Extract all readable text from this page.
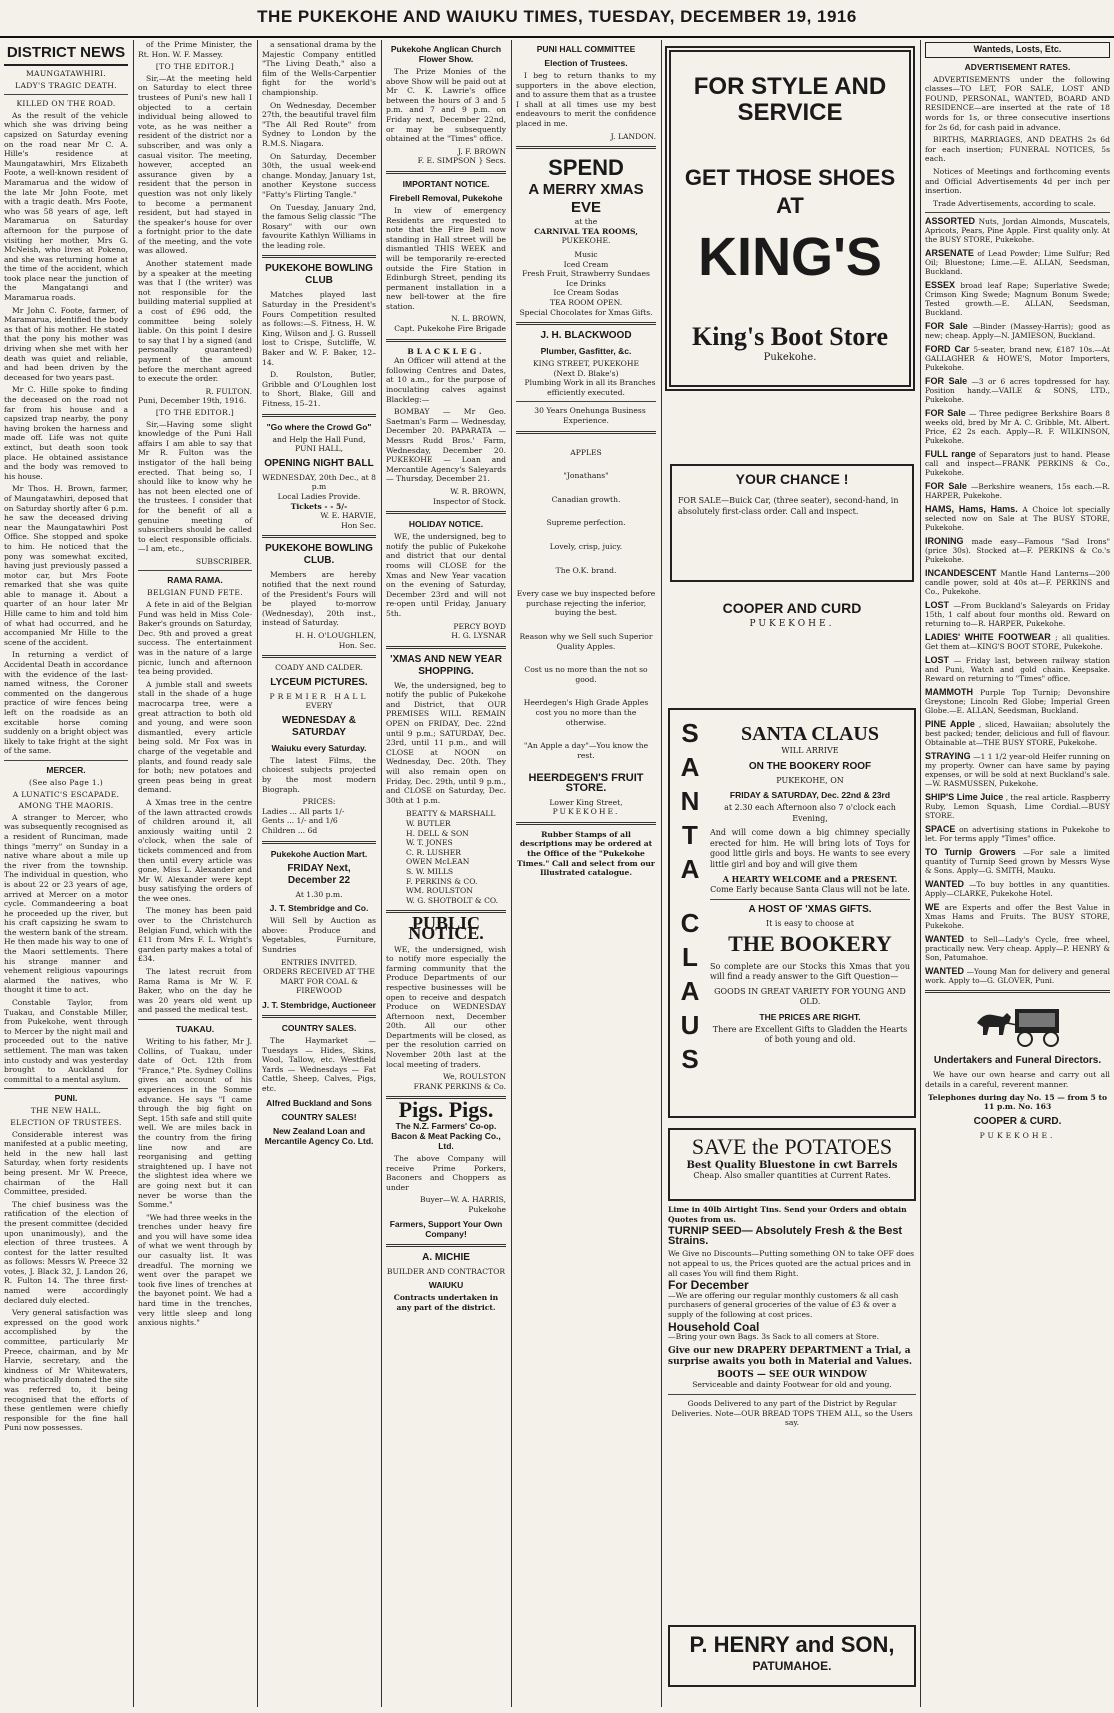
THE PUKEKOHE AND WAIUKU TIMES, TUESDAY, DECEMBER 19, 1916
DISTRICT NEWS
MAUNGATAWHIRI.
LADY'S TRAGIC DEATH.
KILLED ON THE ROAD.

As the result of the vehicle which she was driving being capsized on Saturday evening on the road near Mr C. A. Hille's residence at Maungatawhiri, Mrs Elizabeth Foote, a well-known resident of Maramarua and the widow of the late Mr John Foote, met with a tragic death. Mrs Foote, who was 58 years of age, left Maramarua on Saturday afternoon for the purpose of visiting her mother, Mrs G. McNeish, who lives at Pokeno, and she was returning home at the time of the accident, which took place near the junction of the Mangatangi and Maramarua roads.

Mr John C. Foote, farmer, of Maramarua, identified the body as that of his mother. He stated that the pony his mother was driving when she met with her death was quiet and reliable, and had been driven by the deceased for two years past.

Mr C. Hille spoke to finding the deceased on the road not far from his house and a capsized trap nearby, the pony having broken the harness and made off. Life was not quite extinct, but death soon took place. He obtained assistance and the body was removed to his house.

Mr Thos. H. Brown, farmer, of Maungatawhiri, deposed that on Saturday shortly after 6 p.m. he saw the deceased driving near the Maungatawhiri Post Office. She stopped and spoke to him. He noticed that the pony was somewhat excited, having just previously passed a motor car, but Mrs Foote remarked that she was quite able to manage it. About a quarter of an hour later Mr Hille came to him and told him of what had occurred, and he accompanied Mr Hille to the scene of the accident.

In returning a verdict of Accidental Death in accordance with the evidence of the last-named witness, the Coroner commented on the dangerous practice of wire fences being left on the roadside as an excitable horse coming suddenly on a bright object was likely to take fright at the sight of the same.

MERCER.
(See also Page 1.)
A LUNATIC'S ESCAPADE.
AMONG THE MAORIS.

A stranger to Mercer, who was subsequently recognised as a resident of Runciman, made things "merry" on Sunday in a native whare about a mile up the river from the township. The individual in question, who is about 22 or 23 years of age, arrived at Mercer on a motor cycle. Commandeering a boat he proceeded up the river, but his craft capsizing he swam to the western bank of the stream. He then made his way to one of the Maori settlements. There his strange manner and vehement religious vapourings alarmed the natives, who thought it time to act.

Constable Taylor, from Tuakau, and Constable Miller, from Pukekohe, went through to Mercer by the night mail and proceeded out to the native settlement. The man was taken into custody and was yesterday brought to Auckland for committal to a mental asylum.

PUNI.
THE NEW HALL.
ELECTION OF TRUSTEES.

Considerable interest was manifested at a public meeting, held in the new hall last Saturday, when forty residents being present. Mr W. Preece, chairman of the Hall Committee, presided.

The chief business was the ratification of the election of the present committee (decided upon unanimously), and the election of three trustees. A contest for the latter resulted as follows: Messrs W. Preece 32 votes, J. Black 32, J. Landon 26, R. Fulton 14. The three first-named were accordingly declared duly elected.

Very general satisfaction was expressed on the good work accomplished by the committee, particularly Mr Preece, chairman, and by Mr Harvie, secretary, and the kindness of Mr Whitewaters, who practically donated the site was referred to, it being recognised that the efforts of these gentlemen were chiefly responsible for the fine hall Puni now possesses.

of the Prime Minister, the Rt. Hon. W. F. Massey.

[TO THE EDITOR.]

Sir,—At the meeting held on Saturday to elect three trustees of Puni's new hall I objected to a certain individual being allowed to vote, as he was neither a resident of the district nor a subscriber, and was only a casual visitor. The meeting, however, accepted an assurance given by a resident that the person in question was not only likely to become a permanent resident, but had stayed in the speaker's house for over a fortnight prior to the date of the meeting, and the vote was allowed.

Another statement made by a speaker at the meeting was that I (the writer) was not responsible for the building material supplied at a cost of £96 odd, the committee being solely liable. On this point I desire to say that I by a signed (and personally guaranteed) payment of the amount before the merchant agreed to execute the order.

R. FULTON.
Puni, December 19th, 1916.
[TO THE EDITOR.]

Sir,—Having some slight knowledge of the Puni Hall affairs I am able to say that Mr R. Fulton was the instigator of the hall being erected. That being so, I should like to know why he has not been elected one of the trustees. I consider that for the benefit of all a genuine meeting of subscribers should be called to elect responsible officials.—I am, etc.,

SUBSCRIBER.
RAMA RAMA.
BELGIAN FUND FETE.

A fete in aid of the Belgian Fund was held in Miss Cole-Baker's grounds on Saturday, Dec. 9th and proved a great success. The entertainment was in the nature of a large picnic, lunch and afternoon tea being provided.

A jumble stall and sweets stall in the shade of a huge macrocarpa tree, were a great attraction to both old and young, and were soon dismantled, every article being sold. Mr Fox was in charge of the vegetable and plants, and found ready sale for both; new potatoes and green peas being in great demand.

A Xmas tree in the centre of the lawn attracted crowds of children around it, all anxiously waiting until 2 o'clock, when the sale of tickets commenced and from then until every article was gone, Miss L. Alexander and Mr W. Alexander were kept busy satisfying the orders of the wee ones.

The money has been paid over to the Christchurch Belgian Fund, which with the £11 from Mrs F. L. Wright's garden party makes a total of £34.

The latest recruit from Rama Rama is Mr W. F. Baker, who on the day he was 20 years old went up and passed the medical test.

TUAKAU.

Writing to his father, Mr J. Collins, of Tuakau, under date of Oct. 12th from "France," Pte. Sydney Collins gives an account of his experiences in the Somme advance. He says "I came through the big fight on Sept. 15th safe and still quite well. We are miles back in the country from the firing line now and are reorganising and getting straightened up. I have not the slightest idea where we are going next but it can never be worse than the Somme."

"We had three weeks in the trenches under heavy fire and you will have some idea of what we went through by our casualty list. It was dreadful. The morning we went over the parapet we took five lines of trenches at the bayonet point. We had a hard time in the trenches, very little sleep and long anxious nights."

a sensational drama by the Majestic Company entitled "The Living Death," also a film of the Wells-Carpentier fight for the world's championship.

On Wednesday, December 27th, the beautiful travel film "The All Red Route" from Sydney to London by the R.M.S. Niagara.

On Saturday, December 30th, the usual week-end change. Monday, January 1st, another Keystone success "Fatty's Flirting Tangle."

On Tuesday, January 2nd, the famous Selig classic "The Rosary" with our own favourite Kathlyn Williams in the leading role.

PUKEKOHE BOWLING CLUB

Matches played last Saturday in the President's Fours Competition resulted as follows:—S. Fitness, H. W. King, Wilson and J. G. Russell lost to Crispe, Sutcliffe, W. Baker and W. F. Baker, 12–14.

D. Roulston, Butler, Gribble and O'Loughlen lost to Short, Blake, Gill and Fitness, 15–21.

"Go where the Crowd Go"
and Help the Hall Fund,
PUNI HALL,
OPENING NIGHT BALL
WEDNESDAY, 20th Dec., at 8 p.m
Local Ladies Provide.
Tickets - - 5/-
W. E. HARVIE,
Hon Sec.
PUKEKOHE BOWLING CLUB.

Members are hereby notified that the next round of the President's Fours will be played to-morrow (Wednesday), 20th inst., instead of Saturday.

H. H. O'LOUGHLEN,
Hon. Sec.
COADY AND CALDER.
LYCEUM PICTURES.
PREMIER HALL
EVERY
WEDNESDAY & SATURDAY
Waiuku every Saturday.

The latest Films, the choicest subjects projected by the most modern Biograph.

PRICES:
Ladies ... All parts 1/-
Gents ... 1/- and 1/6
Children ... 6d
Pukekohe Auction Mart.
FRIDAY Next, December 22
At 1.30 p.m.
J. T. Stembridge and Co.

Will Sell by Auction as above: Produce and Vegetables, Furniture, Sundries

ENTRIES INVITED.
ORDERS RECEIVED AT THE MART FOR COAL & FIREWOOD
J. T. Stembridge, Auctioneer
COUNTRY SALES.

The Haymarket — Tuesdays — Hides, Skins, Wool, Tallow, etc. Westfield Yards — Wednesdays — Fat Cattle, Sheep, Calves, Pigs, etc.

Alfred Buckland and Sons
COUNTRY SALES!
New Zealand Loan and Mercantile Agency Co. Ltd.
Pukekohe Anglican Church Flower Show.

The Prize Monies of the above Show will be paid out at Mr C. K. Lawrie's office between the hours of 3 and 5 p.m. and 7 and 9 p.m. on Friday next, December 22nd, or may be subsequently obtained at the "Times" office.

J. F. BROWN
F. E. SIMPSON } Secs.
IMPORTANT NOTICE.
Firebell Removal, Pukekohe

In view of emergency Residents are requested to note that the Fire Bell now standing in Hall street will be dismantled THIS WEEK and will be temporarily re-erected outside the Fire Station in Edinburgh Street, pending its permanent installation in a new bell-tower at the fire station.

N. L. BROWN,
Capt. Pukekohe Fire Brigade
BLACKLEG.

An Officer will attend at the following Centres and Dates, at 10 a.m., for the purpose of inoculating calves against Blackleg:—

BOMBAY — Mr Geo. Saetman's Farm — Wednesday, December 20. PAPARATA — Messrs Rudd Bros.' Farm, Wednesday, December 20. PUKEKOHE — Loan and Mercantile Agency's Saleyards — Thursday, December 21.

W. R. BROWN,
Inspector of Stock.
HOLIDAY NOTICE.

WE, the undersigned, beg to notify the public of Pukekohe and district that our dental rooms will CLOSE for the Xmas and New Year vacation on the evening of Saturday, December 23rd and will not re-open until Friday, January 5th.

PERCY BOYD
H. G. LYSNAR
'XMAS AND NEW YEAR SHOPPING.

We, the undersigned, beg to notify the public of Pukekohe and District, that OUR PREMISES WILL REMAIN OPEN on FRIDAY, Dec. 22nd until 9 p.m.; SATURDAY, Dec. 23rd, until 11 p.m., and will CLOSE at NOON on Wednesday, Dec. 20th. They will also remain open on Friday, Dec. 29th, until 9 p.m., and CLOSE on Saturday, Dec. 30th at 1 p.m.

BEATTY & MARSHALL
W. BUTLER
H. DELL & SON
W. T. JONES
C. R. LUSHER
OWEN McLEAN
S. W. MILLS
F. PERKINS & CO.
WM. ROULSTON
W. G. SHOTBOLT & CO.
PUBLIC NOTICE.

WE, the undersigned, wish to notify more especially the farming community that the Produce Departments of our respective businesses will be open to receive and despatch Produce on WEDNESDAY Afternoon next, December 20th. All our other Departments will be closed, as per the resolution carried on November 20th last at the local meeting of traders.

We, ROULSTON
FRANK PERKINS & Co.
Pigs. Pigs.
The N.Z. Farmers' Co-op. Bacon & Meat Packing Co., Ltd.

The above Company will receive Prime Porkers, Baconers and Choppers as under

Buyer—W. A. HARRIS,
Pukekohe
Farmers, Support Your Own Company!
A. MICHIE
BUILDER AND CONTRACTOR
WAIUKU
Contracts undertaken in any part of the district.
PUNI HALL COMMITTEE
Election of Trustees.

I beg to return thanks to my supporters in the above election, and to assure them that as a trustee I shall at all times use my best endeavours to merit the confidence placed in me.

J. LANDON.
SPEND
A MERRY XMAS EVE
at the
CARNIVAL TEA ROOMS,
PUKEKOHE.
Music
Iced Cream
Fresh Fruit, Strawberry Sundaes
Ice Drinks
Ice Cream Sodas
TEA ROOM OPEN.
Special Chocolates for Xmas Gifts.
J. H. BLACKWOOD
Plumber, Gasfitter, &c.
KING STREET, PUKEKOHE
(Next D. Blake's)

Plumbing Work in all its Branches efficiently executed.

30 Years Onehunga Business Experience.

APPLES
"Jonathans"
Canadian growth.
Supreme perfection.
Lovely, crisp, juicy.
The O.K. brand.
Every case we buy inspected before purchase rejecting the inferior, buying the best.
Reason why we Sell such Superior Quality Apples.
Cost us no more than the not so good.
Heerdegen's High Grade Apples cost you no more than the otherwise.
"An Apple a day"—You know the rest.
HEERDEGEN'S FRUIT STORE.
Lower King Street,
PUKEKOHE.
Rubber Stamps of all descriptions may be ordered at the Office of the "Pukekohe Times." Call and select from our Illustrated catalogue.
FOR STYLE AND SERVICE
GET THOSE SHOES AT
KING'S
King's Boot Store
Pukekohe.
YOUR CHANCE !
FOR SALE—Buick Car, (three seater), second-hand, in absolutely first-class order. Call and inspect.
COOPER AND CURD
PUKEKOHE.
S
A
N
T
A
C
L
A
U
S
SANTA CLAUS
WILL ARRIVE
ON THE BOOKERY ROOF
PUKEKOHE, ON
FRIDAY & SATURDAY, Dec. 22nd & 23rd
at 2.30 each Afternoon also 7 o'clock each Evening,
And will come down a big chimney specially erected for him. He will bring lots of Toys for good little girls and boys. He wants to see every little girl and boy and will give them
A HEARTY WELCOME and a PRESENT.
Come Early because Santa Claus will not be late.
A HOST OF 'XMAS GIFTS.
It is easy to choose at
THE BOOKERY
So complete are our Stocks this Xmas that you will find a ready answer to the Gift Question—
GOODS IN GREAT VARIETY FOR YOUNG AND OLD.
THE PRICES ARE RIGHT.
There are Excellent Gifts to Gladden the Hearts of both young and old.
SAVE the POTATOES
Best Quality Bluestone in cwt Barrels
Cheap. Also smaller quantities at Current Rates.
Lime in 40lb Airtight Tins. Send your Orders and obtain Quotes from us.
TURNIP SEED— Absolutely Fresh & the Best Strains.
We Give no Discounts—Putting something ON to take OFF does not appeal to us, the Prices quoted are the actual prices and in all cases You will find them Right.
For December
—We are offering our regular monthly customers & all cash purchasers of general groceries of the value of £3 & over a supply of the following at cost prices.
Household Coal
—Bring your own Bags. 3s Sack to all comers at Store.
Give our new DRAPERY DEPARTMENT a Trial, a surprise awaits you both in Material and Values.
BOOTS — SEE OUR WINDOW
Serviceable and dainty Footwear for old and young.
Goods Delivered to any part of the District by Regular Deliveries. Note—OUR BREAD TOPS THEM ALL, so the Users say.
P. HENRY and SON,
PATUMAHOE.
Wanteds, Losts, Etc.
ADVERTISEMENT RATES.

ADVERTISEMENTS under the following classes—TO LET, FOR SALE, LOST AND FOUND, PERSONAL, WANTED, BOARD AND RESIDENCE—are inserted at the rate of 18 words for 1s, or three consecutive insertions for 2s 6d, for cash paid in advance.

BIRTHS, MARRIAGES, AND DEATHS 2s 6d for each insertion; FUNERAL NOTICES, 5s each.

Notices of Meetings and forthcoming events and Official Advertisements 4d per inch per insertion.

Trade Advertisements, according to scale.

ASSORTED Nuts, Jordan Almonds, Muscatels, Apricots, Pears, Pine Apple. First quality only. At the BUSY STORE, Pukekohe.
ARSENATE of Lead Powder; Lime Sulfur; Red Oil; Bluestone; Lime.—E. ALLAN, Seedsman, Buckland.
ESSEX broad leaf Rape; Superlative Swede; Crimson King Swede; Magnum Bonum Swede; Tested growth.—E. ALLAN, Seedsman, Buckland.
FOR Sale —Binder (Massey-Harris); good as new; cheap. Apply—N. JAMIESON, Buckland.
FORD Car 5-seater, brand new, £187 10s.—At GALLAGHER & HOWE'S, Motor Importers, Pukekohe.
FOR Sale —3 or 6 acres topdressed for hay. Position handy.—VAILE & SONS, LTD., Pukekohe.
FOR Sale — Three pedigree Berkshire Boars 8 weeks old, bred by Mr A. C. Gribble, Mt. Albert. Price, £2 2s each. Apply—R. F. WILKINSON, Pukekohe.
FULL range of Separators just to hand. Please call and inspect—FRANK PERKINS & Co., Pukekohe.
FOR Sale —Berkshire weaners, 15s each.—R. HARPER, Pukekohe.
HAMS, Hams, Hams. A Choice lot specially selected now on Sale at The BUSY STORE, Pukekohe.
IRONING made easy—Famous "Sad Irons" (price 30s). Stocked at—F. PERKINS & Co.'s Pukekohe.
INCANDESCENT Mantle Hand Lanterns—200 candle power, sold at 40s at—F. PERKINS and Co., Pukekohe.
LOST —From Buckland's Saleyards on Friday 15th, 1 calf about four months old. Reward on returning to—R. HARPER, Pukekohe.
LADIES' WHITE FOOTWEAR ; all qualities. Get them at—KING'S BOOT STORE, Pukekohe.
LOST — Friday last, between railway station and Puni, Watch and gold chain. Keepsake. Reward on returning to "Times" office.
MAMMOTH Purple Top Turnip; Devonshire Greystone; Lincoln Red Globe; Imperial Green Globe.—E. ALLAN, Seedsman, Buckland.
PINE Apple , sliced, Hawaiian; absolutely the best packed; tender, delicious and full of flavour. Obtainable at—THE BUSY STORE, Pukekohe.
STRAYING —1 1 1/2 year-old Heifer running on my property. Owner can have same by paying expenses, or will be sold at next Buckland's sale.—W. RASMUSSEN, Pukekohe.
SHIP'S Lime Juice , the real article. Raspberry Ruby, Lemon Squash, Lime Cordial.—BUSY STORE.
SPACE on advertising stations in Pukekohe to let. For terms apply "Times" office.
TO Turnip Growers —For sale a limited quantity of Turnip Seed grown by Messrs Wyse & Sons. Apply—G. SMITH, Mauku.
WANTED —To buy bottles in any quantities. Apply—CLARKE, Pukekohe Hotel.
WE are Experts and offer the Best Value in Xmas Hams and Fruits. The BUSY STORE, Pukekohe.
WANTED to Sell—Lady's Cycle, free wheel, practically new. Very cheap. Apply—P. HENRY & Son, Patumahoe.
WANTED —Young Man for delivery and general work. Apply to—G. GLOVER, Puni.
Undertakers and Funeral Directors.

We have our own hearse and carry out all details in a careful, reverent manner.

Telephones during day No. 15 — from 5 to 11 p.m. No. 163
COOPER & CURD.
PUKEKOHE.
